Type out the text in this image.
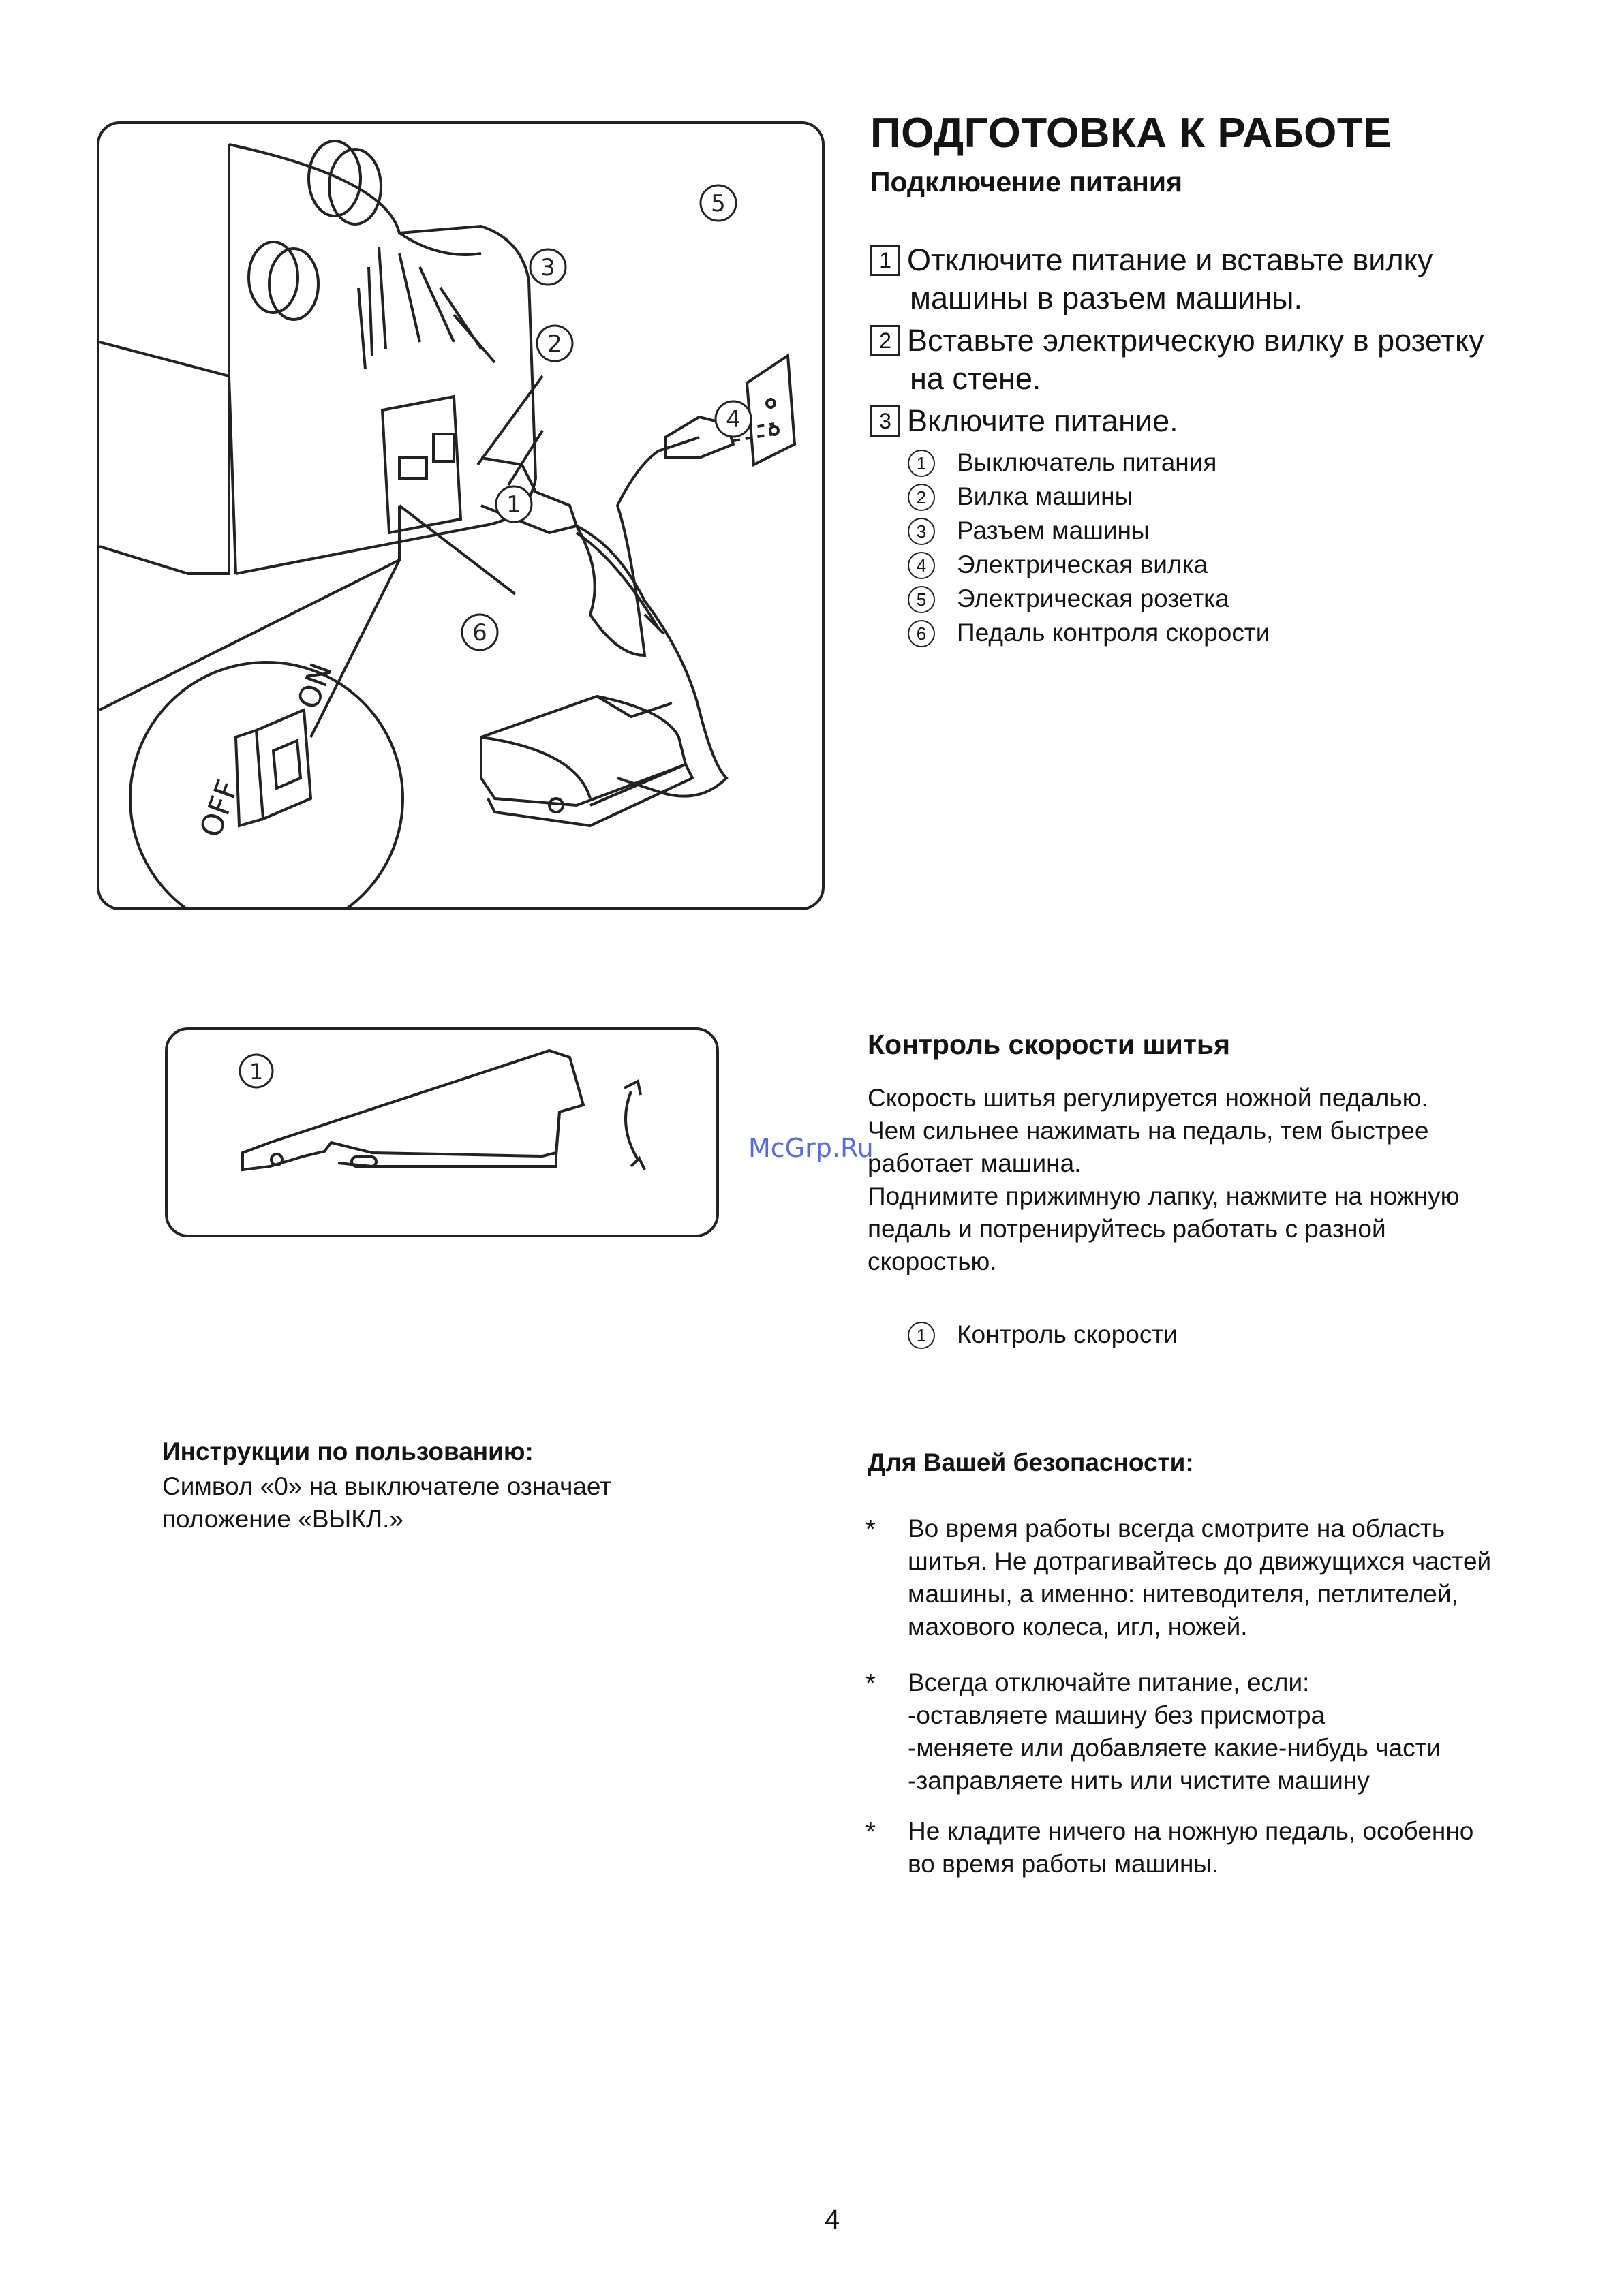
1
2
3
4
5
6
OFF
ON
ПОДГОТОВКА К РАБОТЕ
Подключение питания
1 Отключите питание и вставьте вилку
машины в разъем машины.
2 Вставьте электрическую вилку в розетку
на стене.
3 Включите питание.
1 Выключатель питания
2 Вилка машины
3 Разъем машины
4 Электрическая вилка
5 Электрическая розетка
6 Педаль контроля скорости
1
Контроль скорости шитья
Скорость шитья регулируется ножной педалью.
Чем сильнее нажимать на педаль, тем быстрее
работает машина.
Поднимите прижимную лапку, нажмите на ножную
педаль и потренируйтесь работать с разной
скоростью.
1 Контроль скорости
McGrp.Ru
Инструкции по пользованию:
Символ «0» на выключателе означает
положение «ВЫКЛ.»
Для Вашей безопасности:
* Во время работы всегда смотрите на область
шитья. Не дотрагивайтесь до движущихся частей
машины, а именно: нитеводителя, петлителей,
махового колеса, игл, ножей.
* Всегда отключайте питание, если:
-оставляете машину без присмотра
-меняете или добавляете какие-нибудь части
-заправляете нить или чистите машину
* Не кладите ничего на ножную педаль, особенно
во время работы машины.
4
